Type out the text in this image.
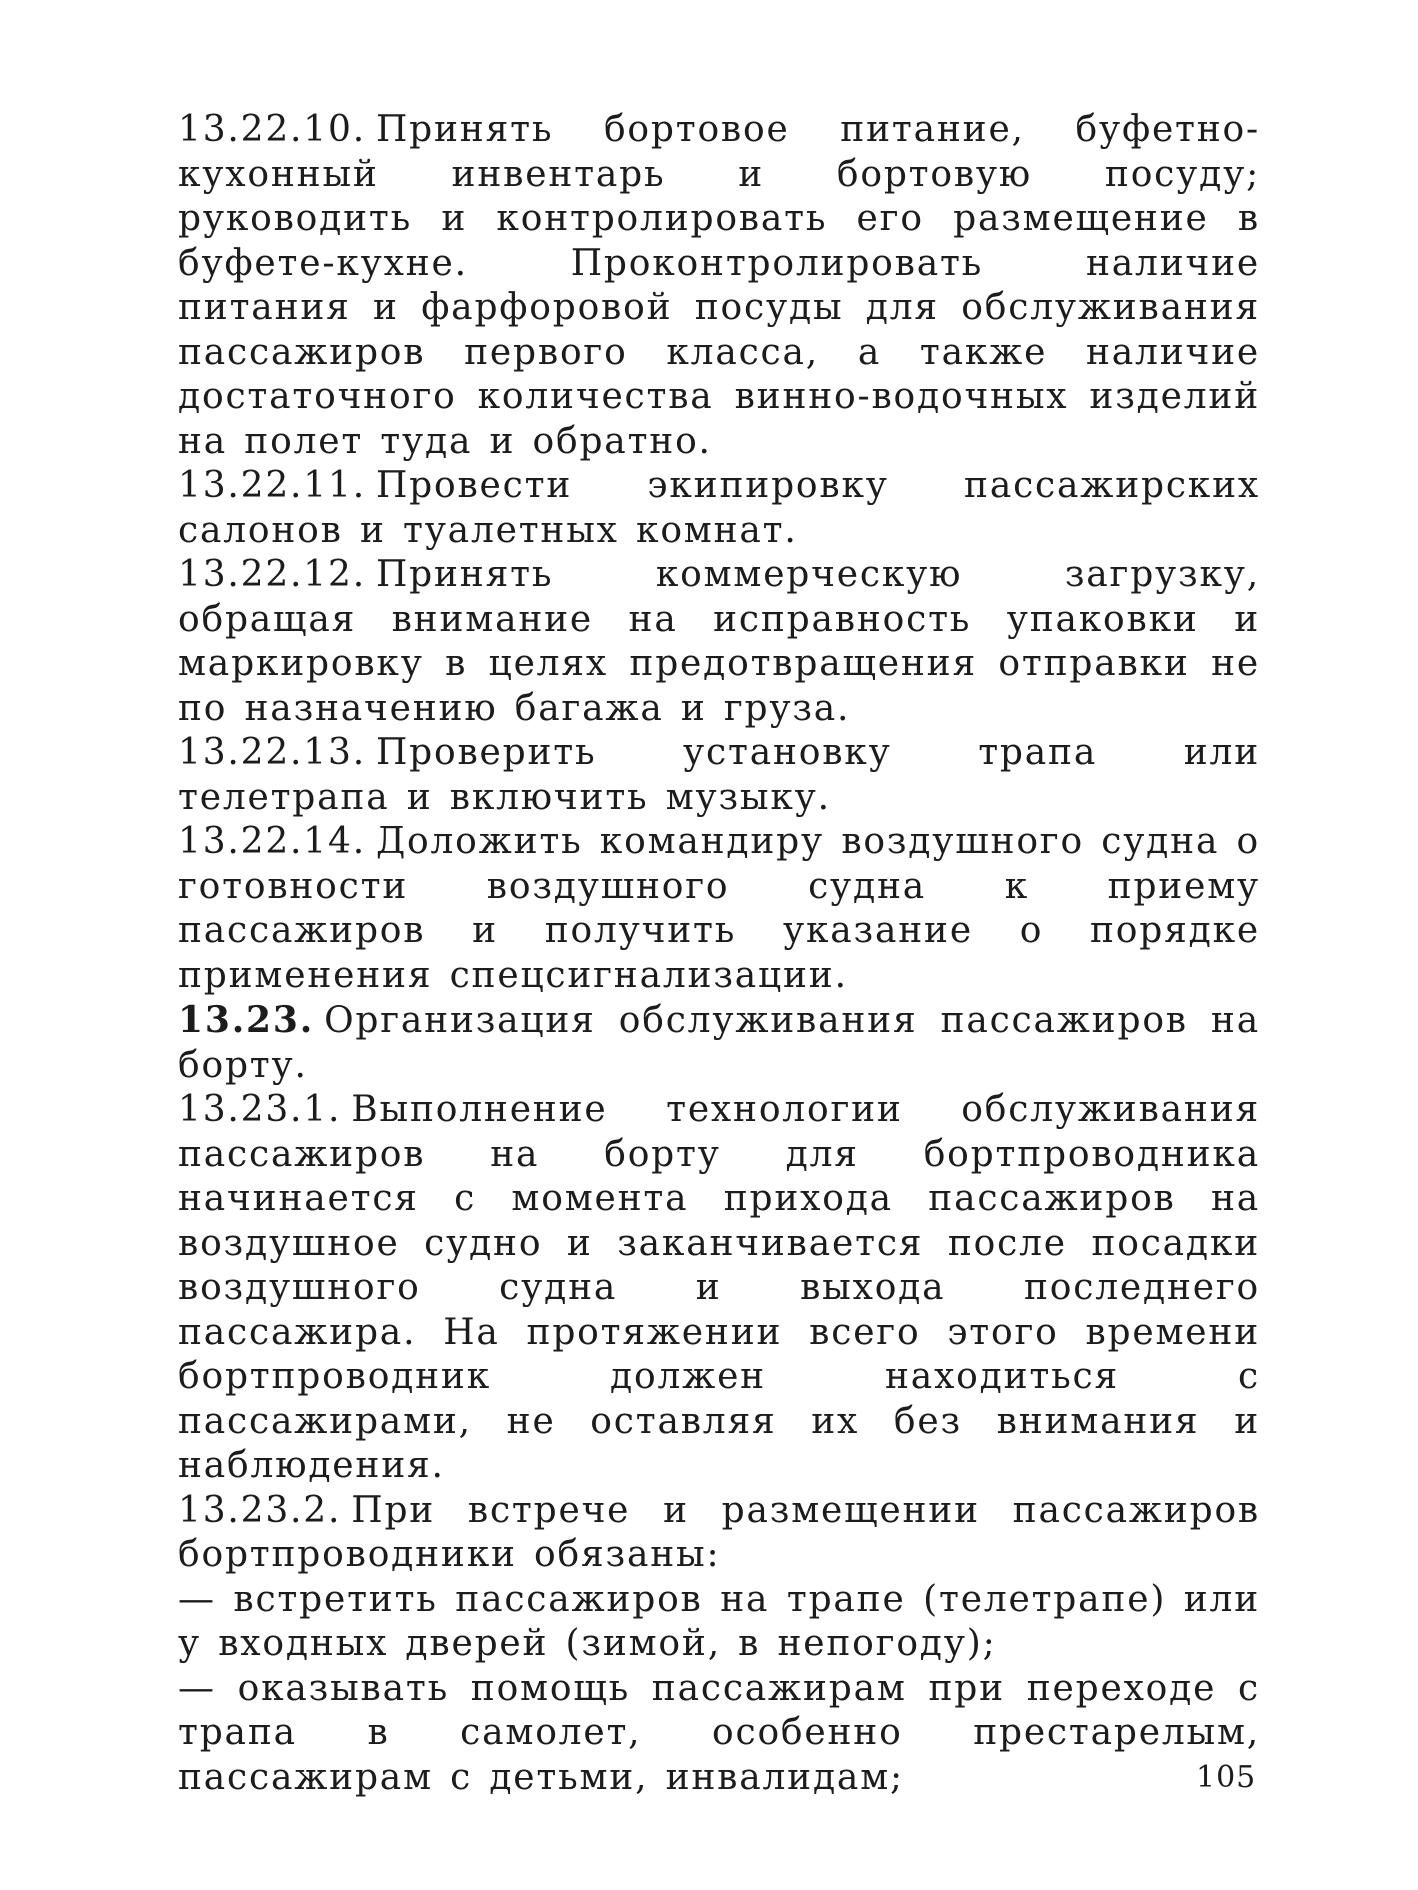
13.22.10. Принять бортовое питание, буфетно-кухонный инвентарь и бортовую посуду; руководить и контролировать его размещение в буфете-кухне. Проконтролировать наличие питания и фарфоровой посуды для обслуживания пассажиров первого класса, а также наличие достаточного количества винно-водочных изделий на полет туда и обратно.

13.22.11. Провести экипировку пассажирских салонов и туалетных комнат.

13.22.12. Принять коммерческую загрузку, обращая внимание на исправность упаковки и маркировку в целях предотвращения отправки не по назначению багажа и груза.

13.22.13. Проверить установку трапа или телетрапа и включить музыку.

13.22.14. Доложить командиру воздушного судна о готовности воздушного судна к приему пассажиров и получить указание о порядке применения спецсигнализации.

13.23. Организация обслуживания пассажиров на борту.

13.23.1. Выполнение технологии обслуживания пассажиров на борту для бортпроводника начинается с момента прихода пассажиров на воздушное судно и заканчивается после посадки воздушного судна и выхода последнего пассажира. На протяжении всего этого времени бортпроводник должен находиться с пассажирами, не оставляя их без внимания и наблюдения.

13.23.2. При встрече и размещении пассажиров бортпроводники обязаны:

— встретить пассажиров на трапе (телетрапе) или у входных дверей (зимой, в непогоду);

— оказывать помощь пассажирам при переходе с трапа в самолет, особенно престарелым, пассажирам с детьми, инвалидам;	105
